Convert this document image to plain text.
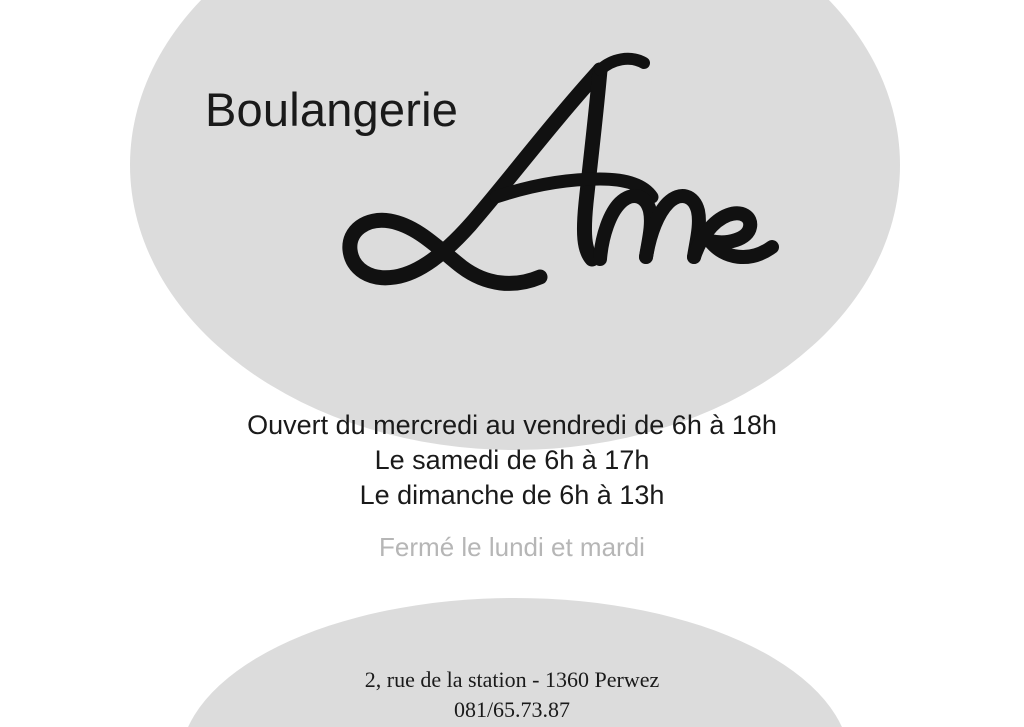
Boulangerie
Ouvert du mercredi au vendredi de 6h à 18h
Le samedi de 6h à 17h
Le dimanche de 6h à 13h
Fermé le lundi et mardi
2, rue de la station - 1360 Perwez
081/65.73.87
